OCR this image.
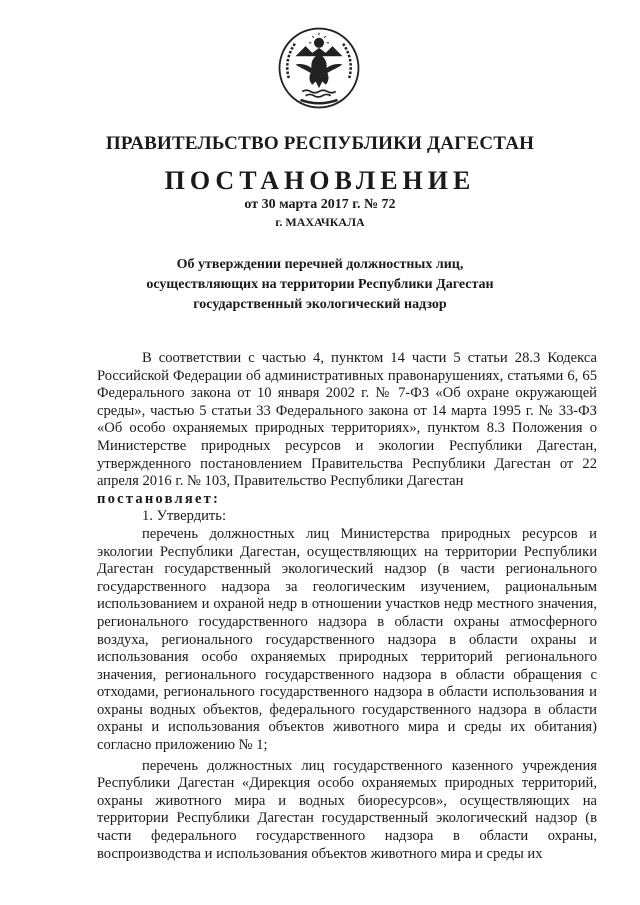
ПРАВИТЕЛЬСТВО РЕСПУБЛИКИ ДАГЕСТАН
ПОСТАНОВЛЕНИЕ
от 30 марта 2017 г. № 72
г. МАХАЧКАЛА
Об утверждении перечней должностных лиц,
осуществляющих на территории Республики Дагестан
государственный экологический надзор

В соответствии с частью 4, пунктом 14 части 5 статьи 28.3 Кодекса Российской Федерации об административных правонарушениях, статьями 6, 65 Федерального закона от 10 января 2002 г. № 7-ФЗ «Об охране окружающей среды», частью 5 статьи 33 Федерального закона от 14 марта 1995 г. № 33-ФЗ «Об особо охраняемых природных территориях», пунктом 8.3 Положения о Министерстве природных ресурсов и экологии Республики Дагестан, утвержденного постановлением Правительства Республики Дагестан от 22 апреля 2016 г. № 103, Правительство Республики Дагестан

постановляет:

1. Утвердить:

перечень должностных лиц Министерства природных ресурсов и экологии Республики Дагестан, осуществляющих на территории Республики Дагестан государственный экологический надзор (в части регионального государственного надзора за геологическим изучением, рациональным использованием и охраной недр в отношении участков недр местного значения, регионального государственного надзора в области охраны атмосферного воздуха, регионального государственного надзора в области охраны и использования особо охраняемых природных территорий регионального значения, регионального государственного надзора в области обращения с отходами, регионального государственного надзора в области использования и охраны водных объектов, федерального государственного надзора в области охраны и использования объектов животного мира и среды их обитания) согласно приложению № 1;

перечень должностных лиц государственного казенного учреждения Республики Дагестан «Дирекция особо охраняемых природных территорий, охраны животного мира и водных биоресурсов», осуществляющих на территории Республики Дагестан государственный экологический надзор (в части федерального государственного надзора в области охраны, воспроизводства и использования объектов животного мира и среды их
